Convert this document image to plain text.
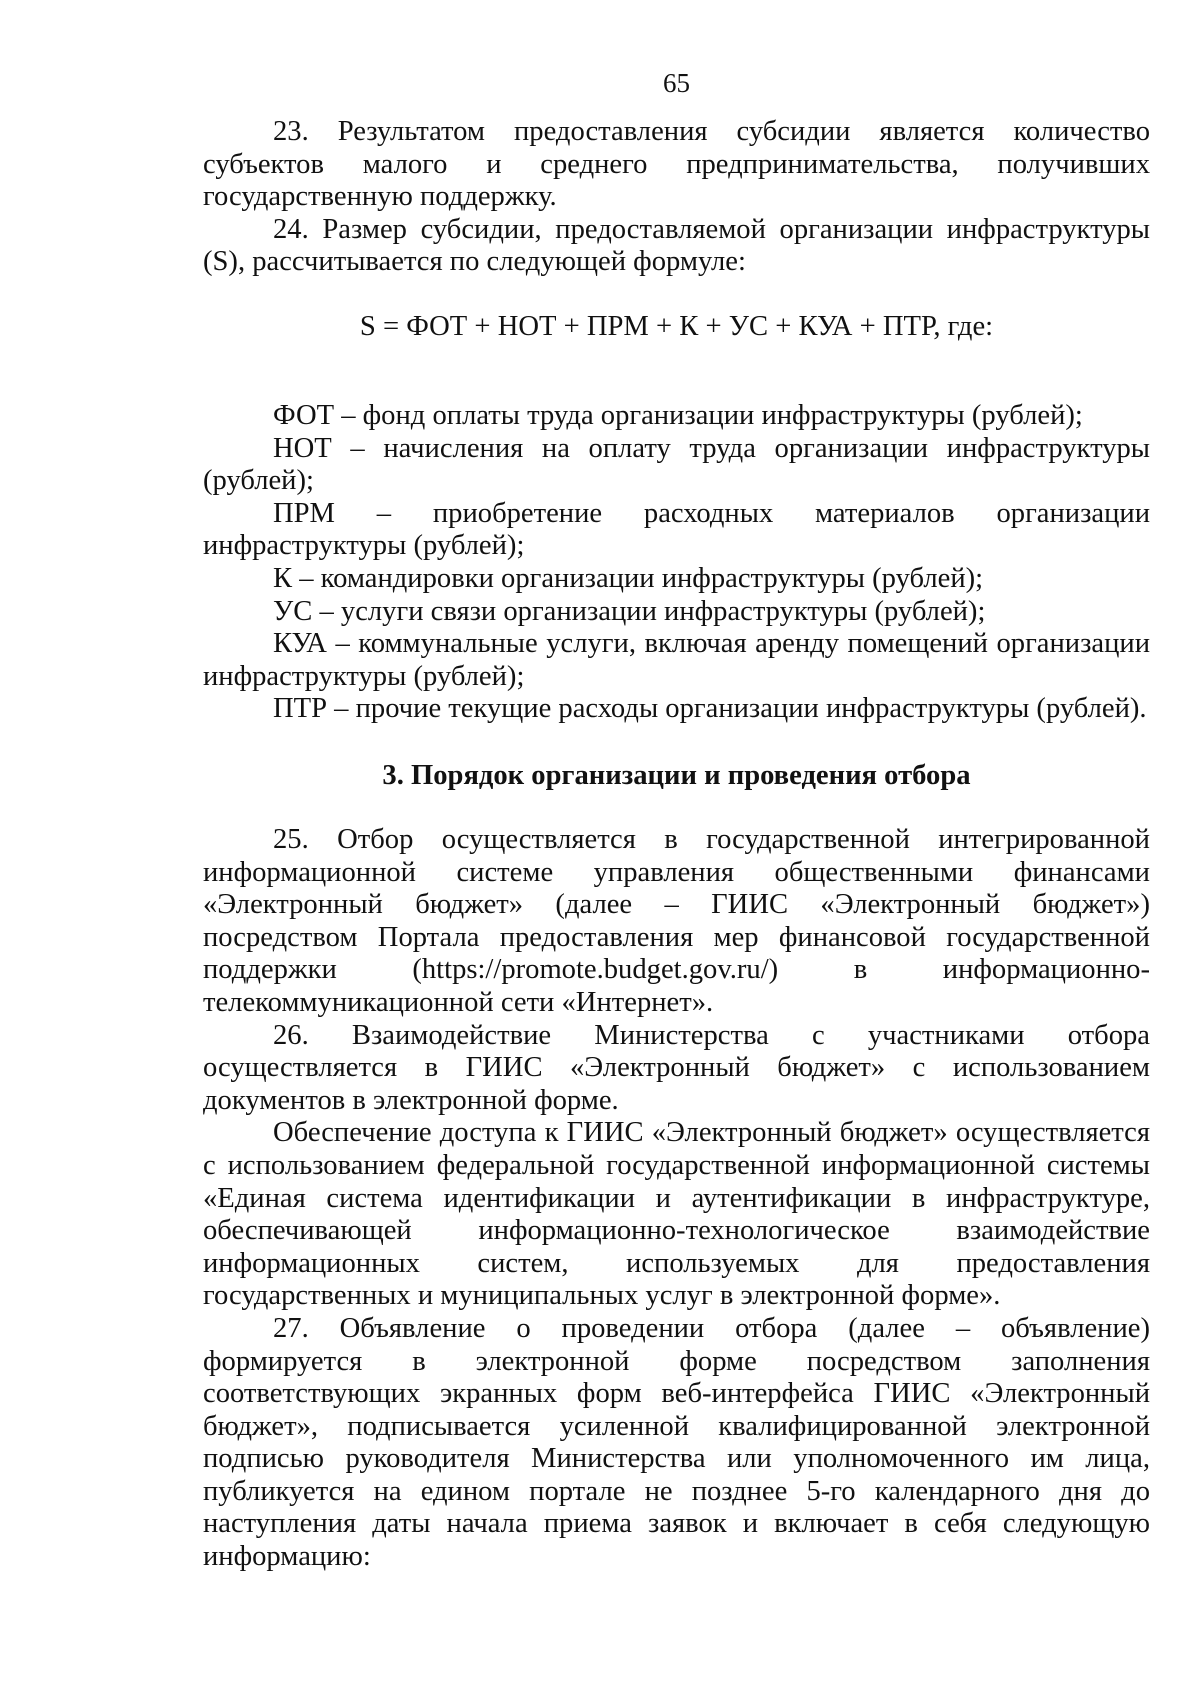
65

23. Результатом предоставления субсидии является количество субъектов малого и среднего предпринимательства, получивших государственную поддержку.

24. Размер субсидии, предоставляемой организации инфраструктуры (S), рассчитывается по следующей формуле:

S = ФОТ + НОТ + ПРМ + К + УС + КУА + ПТР, где:

ФОТ – фонд оплаты труда организации инфраструктуры (рублей);

НОТ – начисления на оплату труда организации инфраструктуры (рублей);

ПРМ – приобретение расходных материалов организации инфраструктуры (рублей);

К – командировки организации инфраструктуры (рублей);

УС – услуги связи организации инфраструктуры (рублей);

КУА – коммунальные услуги, включая аренду помещений организации инфраструктуры (рублей);

ПТР – прочие текущие расходы организации инфраструктуры (рублей).

3. Порядок организации и проведения отбора

25. Отбор осуществляется в государственной интегрированной информационной системе управления общественными финансами «Электронный бюджет» (далее – ГИИС «Электронный бюджет») посредством Портала предоставления мер финансовой государственной поддержки	(https://promote.budget.gov.ru/)	в информационно-телекоммуникационной сети «Интернет».

26. Взаимодействие Министерства с участниками отбора осуществляется в ГИИС «Электронный бюджет» с использованием документов в электронной форме.

Обеспечение доступа к ГИИС «Электронный бюджет» осуществляется с использованием федеральной государственной информационной системы «Единая система идентификации и аутентификации в инфраструктуре, обеспечивающей информационно-технологическое взаимодействие информационных систем, используемых для предоставления государственных и муниципальных услуг в электронной форме».

27. Объявление о проведении отбора (далее – объявление) формируется в электронной форме посредством заполнения соответствующих экранных форм веб-интерфейса ГИИС «Электронный бюджет», подписывается усиленной квалифицированной электронной подписью руководителя Министерства или уполномоченного им лица, публикуется на едином портале не позднее 5-го календарного дня до наступления даты начала приема заявок и включает в себя следующую информацию:
